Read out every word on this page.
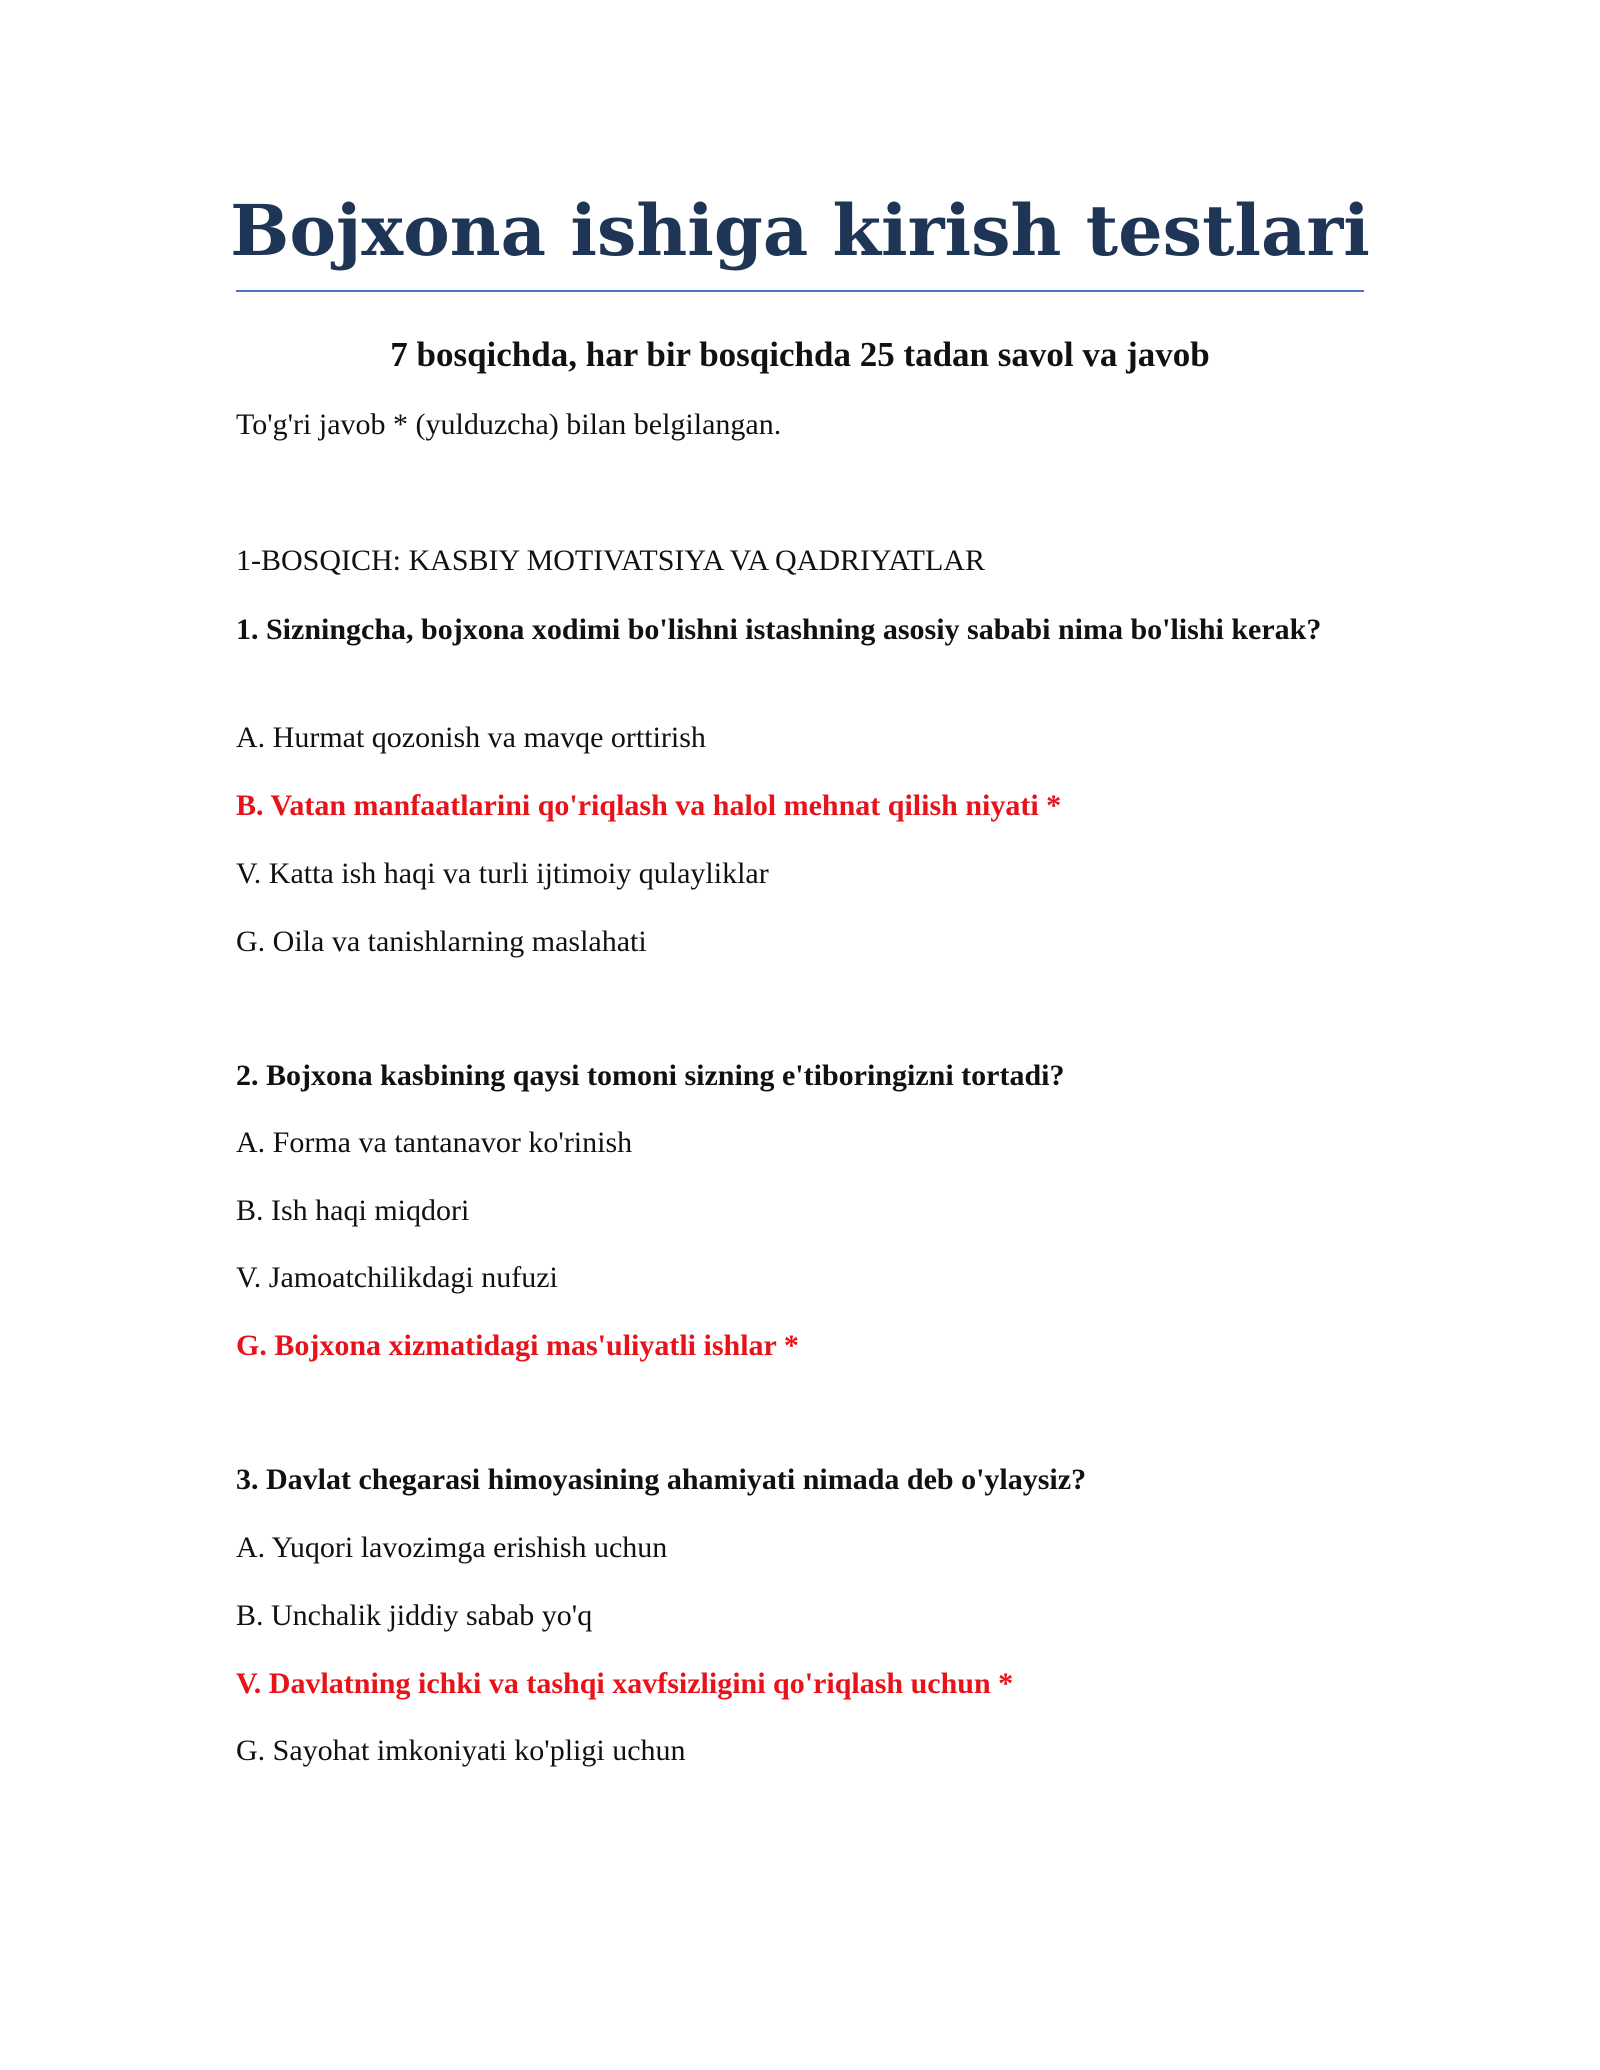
Bojxona ishiga kirish testlari
7 bosqichda, har bir bosqichda 25 tadan savol va javob

To'g'ri javob * (yulduzcha) bilan belgilangan.

1-BOSQICH: KASBIY MOTIVATSIYA VA QADRIYATLAR

1. Sizningcha, bojxona xodimi bo'lishni istashning asosiy sababi nima bo'lishi kerak?

A. Hurmat qozonish va mavqe orttirish

B. Vatan manfaatlarini qo'riqlash va halol mehnat qilish niyati *

V. Katta ish haqi va turli ijtimoiy qulayliklar

G. Oila va tanishlarning maslahati

2. Bojxona kasbining qaysi tomoni sizning e'tiboringizni tortadi?

A. Forma va tantanavor ko'rinish

B. Ish haqi miqdori

V. Jamoatchilikdagi nufuzi

G. Bojxona xizmatidagi mas'uliyatli ishlar *

3. Davlat chegarasi himoyasining ahamiyati nimada deb o'ylaysiz?

A. Yuqori lavozimga erishish uchun

B. Unchalik jiddiy sabab yo'q

V. Davlatning ichki va tashqi xavfsizligini qo'riqlash uchun *

G. Sayohat imkoniyati ko'pligi uchun
